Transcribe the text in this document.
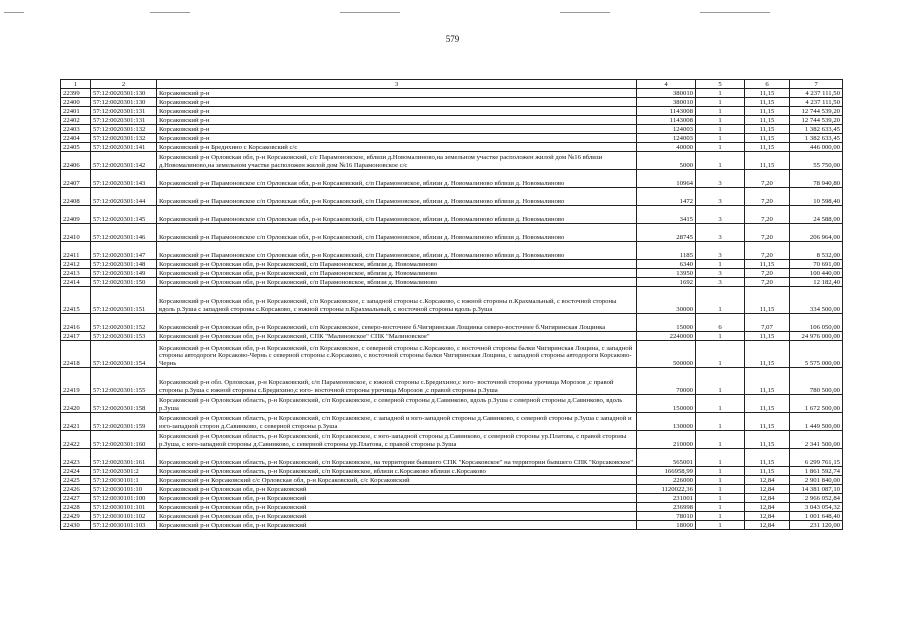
579
1	2	3	4	5	6	7
22399	57:12:0020301:130	Корсаковский р-н	380010	1	11,15	4 237 111,50
22400	57:12:0020301:130	Корсаковский р-н	380010	1	11,15	4 237 111,50
22401	57:12:0020301:131	Корсаковский р-н	1143008	1	11,15	12 744 539,20
22402	57:12:0020301:131	Корсаковский р-н	1143008	1	11,15	12 744 539,20
22403	57:12:0020301:132	Корсаковский р-н	124003	1	11,15	1 382 633,45
22404	57:12:0020301:132	Корсаковский р-н	124003	1	11,15	1 382 633,45
22405	57:12:0020301:141	Корсаковский р-н Бредихино с Корсаковский с/с	40000	1	11,15	446 000,00
22406	57:12:0020301:142	Корсаковский р-н Орловская обл, р-н Корсаковский, с/с Парамоновское, вблизи д.Новомалиново,на земельном участке расположен жилой дом №16 вблизи д.Новомалиново,на земельном участке расположен жилой дом №16 Парамоновское с/с	5000	1	11,15	55 750,00
22407	57:12:0020301:143	Корсаковский р-н Парамоновское с/п Орловская обл, р-н Корсаковский, с/п Парамоновское, вблизи д. Новомалиново вблизи д. Новомалиново	10964	3	7,20	78 940,80
22408	57:12:0020301:144	Корсаковский р-н Парамоновское с/п Орловская обл, р-н Корсаковский, с/п Парамоновское, вблизи д. Новомалиново вблизи д. Новомалиново	1472	3	7,20	10 598,40
22409	57:12:0020301:145	Корсаковский р-н Парамоновское с/п Орловская обл, р-н Корсаковский, с/п Парамоновское, вблизи д. Новомалиново вблизи д. Новомалиново	3415	3	7,20	24 588,00
22410	57:12:0020301:146	Корсаковский р-н Парамоновское с/п Орловская обл, р-н Корсаковский, с/п Парамоновское, вблизи д. Новомалиново вблизи д. Новомалиново	28745	3	7,20	206 964,00
22411	57:12:0020301:147	Корсаковский р-н Парамоновское с/п Орловская обл, р-н Корсаковский, с/п Парамоновское, вблизи д. Новомалиново вблизи д. Новомалиново	1185	3	7,20	8 532,00
22412	57:12:0020301:148	Корсаковский р-н Орловская обл, р-н Корсаковский, с/п Парамоновское, вблизи д. Новомалиново	6340	1	11,15	70 691,00
22413	57:12:0020301:149	Корсаковский р-н Орловская обл, р-н Корсаковский, с/п Парамоновское, вблизи д. Новомалиново	13950	3	7,20	100 440,00
22414	57:12:0020301:150	Корсаковский р-н Орловская обл, р-н Корсаковский, с/п Парамоновское, вблизи д. Новомалиново	1692	3	7,20	12 182,40
22415	57:12:0020301:151	Корсаковский р-н Орловская обл, р-н Корсаковский, с/п Корсаковское, с западной стороны с.Корсаково, с южной стороны п.Крахмальный, с восточной стороны вдоль р.Зуша с западной стороны с.Корсаково, с южной стороны п.Крахмальный, с восточной стороны вдоль р.Зуша	30000	1	11,15	334 500,00
22416	57:12:0020301:152	Корсаковский р-н Орловская обл, р-н Корсаковский, с/п Корсаковское, северо-восточнее б.Чигиринская Лощинка северо-восточнее б.Чигиринская Лощинка	15000	6	7,07	106 050,00
22417	57:12:0020301:153	Корсаковский р-н Орловская обл, р-н Корсаковский, СПК "Малиновское" СПК "Малиновское"	2240000	1	11,15	24 976 000,00
22418	57:12:0020301:154	Корсаковский р-н Орловская обл, р-н Корсаковский, с/п Корсаковское, с северной стороны с.Корсаково, с восточной стороны балки Чигиринская Лощина, с западной стороны автодороги Корсаково-Чернь с северной стороны с.Корсаково, с восточной стороны балки Чигиринская Лощина, с западной стороны автодороги Корсаково-Чернь	500000	1	11,15	5 575 000,00
22419	57:12:0020301:155	Корсаковский р-н обл. Орловская, р-н Корсаковский, с/п Парамоновское, с южной стороны с.Бредихино,с юго- восточной стороны урочища Морозов ,с правой стороны р.Зуша с южной стороны с.Бредихино,с юго- восточной стороны урочища Морозов ,с правой стороны р.Зуша	70000	1	11,15	780 500,00
22420	57:12:0020301:158	Корсаковский р-н Орловская область, р-н Корсаковский, с/п Корсаковское, с северной стороны д.Савинково, вдоль р.Зуша с северной стороны д.Савинково, вдоль р.Зуша	150000	1	11,15	1 672 500,00
22421	57:12:0020301:159	Корсаковский р-н Орловская область, р-н Корсаковский, с/п Корсаковское, с западной и юго-западной стороны д.Савинково, с северной стороны р.Зуша с западной и юго-западной сторон д.Савинково, с северной стороны р.Зуша	130000	1	11,15	1 449 500,00
22422	57:12:0020301:160	Корсаковский р-н Орловская область, р-н Корсаковский, с/п Корсаковское, с юго-западной стороны д.Савинково, с северной стороны ур.Платова, с правой стороны р.Зуша, с юго-западной стороны д.Савинково, с северной стороны ур.Платова, с правой стороны р.Зуша	210000	1	11,15	2 341 500,00
22423	57:12:0020301:161	Корсаковский р-н Орловская область, р-н Корсаковский, с/п Корсаковское, на территории бывшего СПК "Корсаковское" на территории бывшего СПК "Корсаковское"	565001	1	11,15	6 299 761,15
22424	57:12:0020301:2	Корсаковский р-н Орловская область, р-н Корсаковский, с/п Корсаковское, вблизи с.Корсаково вблизи с.Корсаково	166958,99	1	11,15	1 861 592,74
22425	57:12:0030101:1	Корсаковский р-н Корсаковский с/с Орловская обл, р-н Корсаковский, с/с Корсаковский	226000	1	12,84	2 901 840,00
22426	57:12:0030101:10	Корсаковский р-н Орловская обл, р-н Корсаковский	1120022,36	1	12,84	14 381 087,10
22427	57:12:0030101:100	Корсаковский р-н Орловская обл, р-н Корсаковский	231001	1	12,84	2 966 052,84
22428	57:12:0030101:101	Корсаковский р-н Орловская обл, р-н Корсаковский	236998	1	12,84	3 043 054,32
22429	57:12:0030101:102	Корсаковский р-н Орловская обл, р-н Корсаковский	78010	1	12,84	1 001 648,40
22430	57:12:0030101:103	Корсаковский р-н Орловская обл, р-н Корсаковский	18000	1	12,84	231 120,00
